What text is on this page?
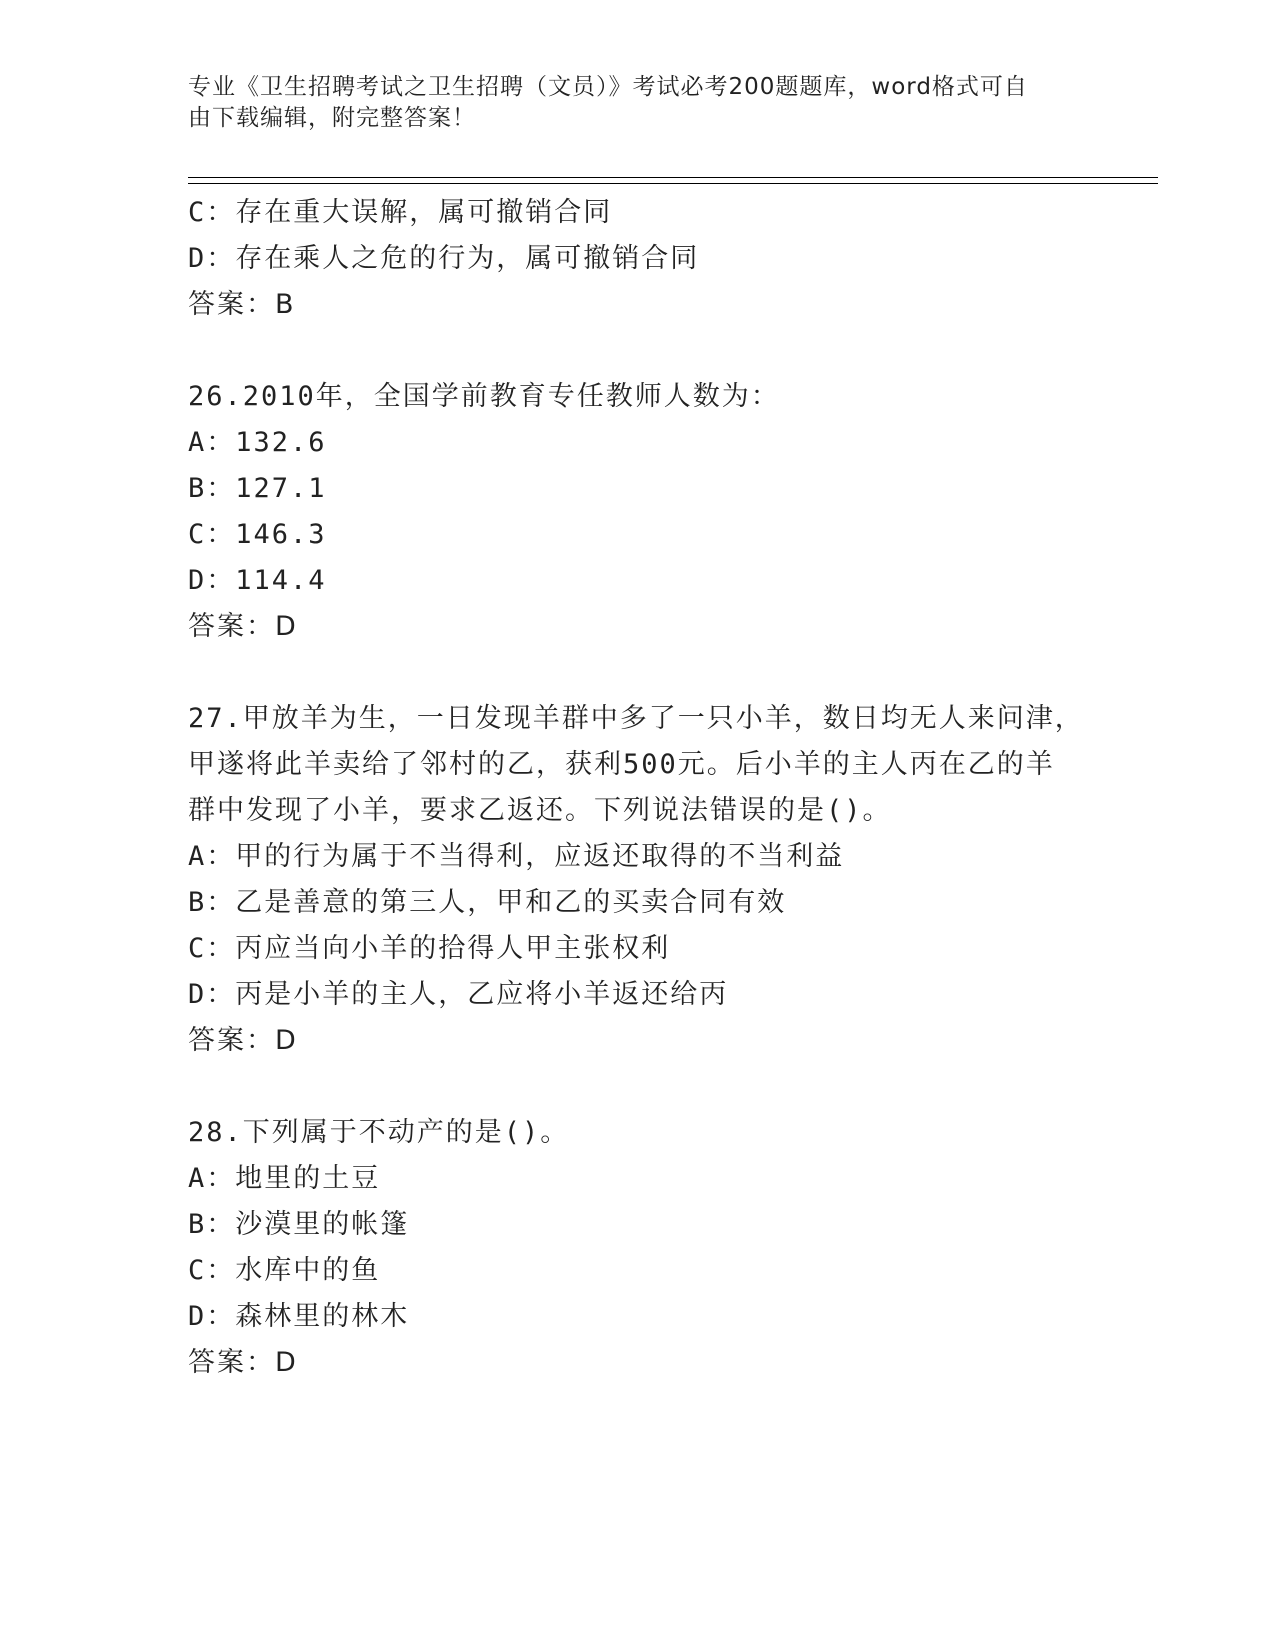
专业《卫生招聘考试之卫生招聘（文员）》考试必考200题题库，word格式可自
由下载编辑，附完整答案！
C：存在重大误解，属可撤销合同
D：存在乘人之危的行为，属可撤销合同
答案：B
26.2010年，全国学前教育专任教师人数为：
A：132.6
B：127.1
C：146.3
D：114.4
答案：D
27.甲放羊为生，一日发现羊群中多了一只小羊，数日均无人来问津，
甲遂将此羊卖给了邻村的乙，获利500元。后小羊的主人丙在乙的羊
群中发现了小羊，要求乙返还。下列说法错误的是()。
A：甲的行为属于不当得利，应返还取得的不当利益
B：乙是善意的第三人，甲和乙的买卖合同有效
C：丙应当向小羊的拾得人甲主张权利
D：丙是小羊的主人，乙应将小羊返还给丙
答案：D
28.下列属于不动产的是()。
A：地里的土豆
B：沙漠里的帐篷
C：水库中的鱼
D：森林里的林木
答案：D
